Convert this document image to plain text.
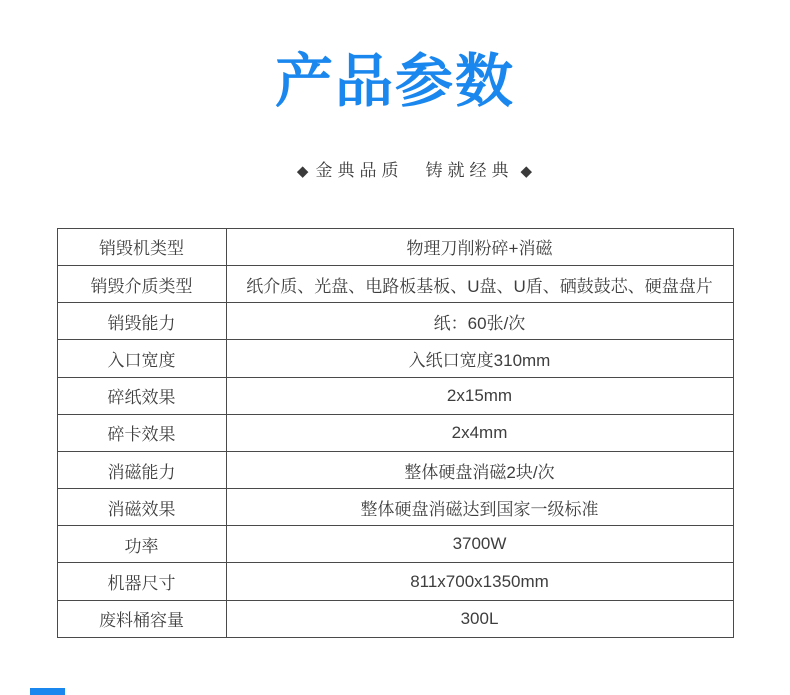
产品参数

◆ 金典品质　铸就经典 ◆

销毁机类型	物理刀削粉碎+消磁
销毁介质类型	纸介质、光盘、电路板基板、U盘、U盾、硒鼓鼓芯、硬盘盘片
销毁能力	纸：60张/次
入口宽度	入纸口宽度310mm
碎纸效果	2x15mm
碎卡效果	2x4mm
消磁能力	整体硬盘消磁2块/次
消磁效果	整体硬盘消磁达到国家一级标准
功率	3700W
机器尺寸	811x700x1350mm
废料桶容量	300L
